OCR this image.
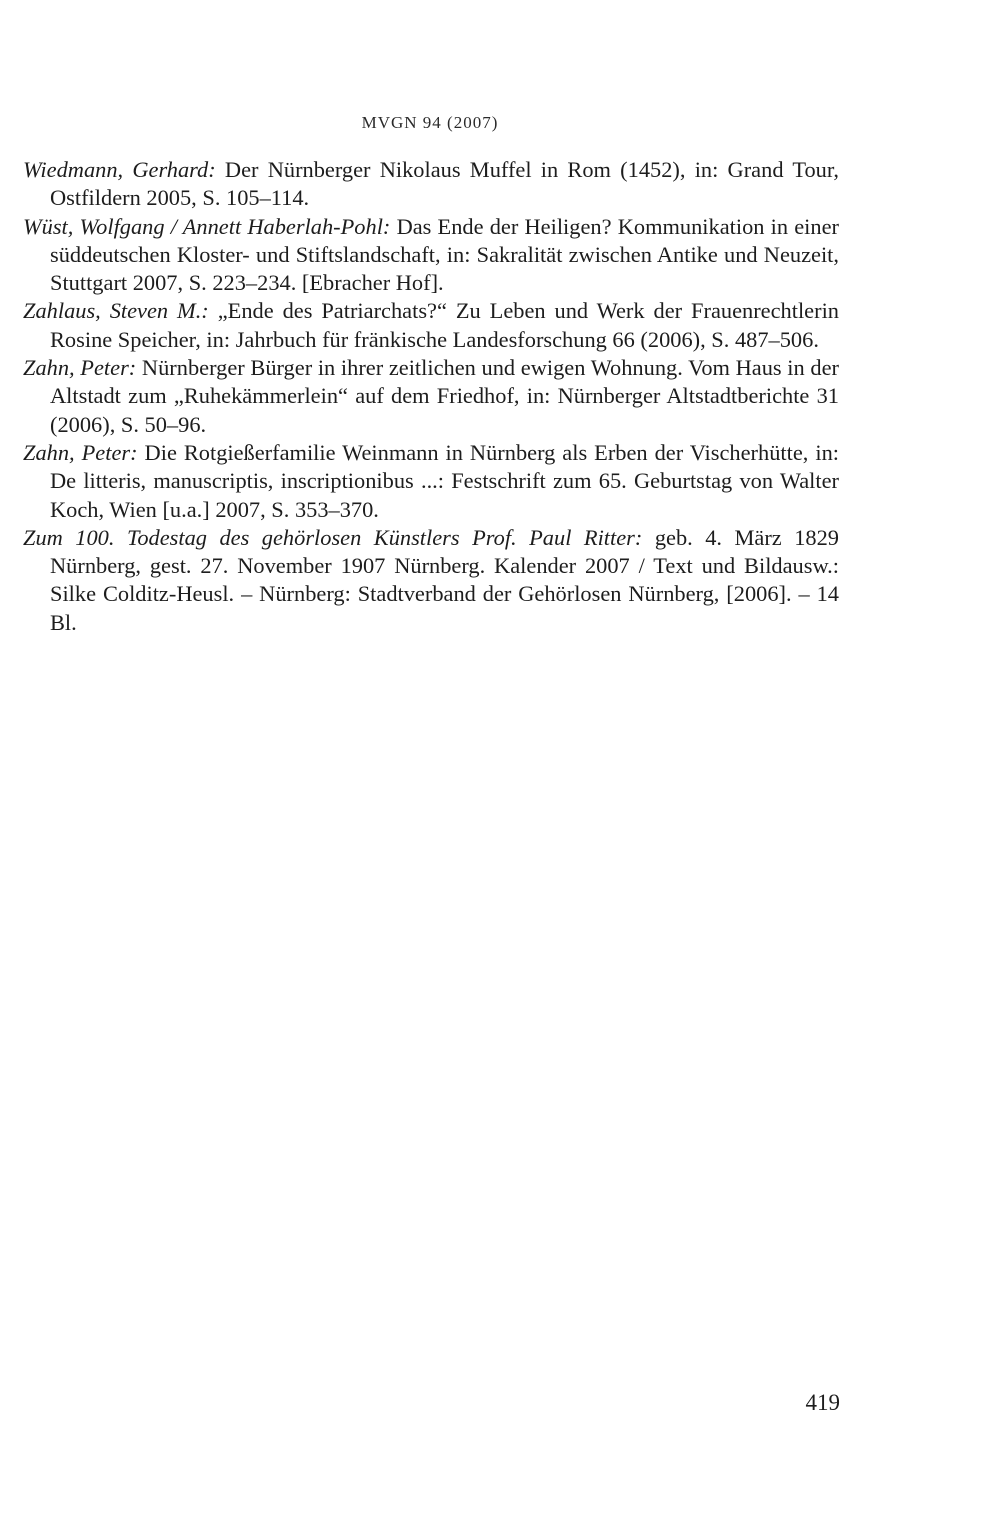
MVGN 94 (2007)
Wiedmann, Gerhard: Der Nürnberger Nikolaus Muffel in Rom (1452), in: Grand Tour, Ostfildern 2005, S. 105–114.
Wüst, Wolfgang / Annett Haberlah-Pohl: Das Ende der Heiligen? Kommunikation in einer süddeutschen Kloster- und Stiftslandschaft, in: Sakralität zwischen Antike und Neuzeit, Stuttgart 2007, S. 223–234. [Ebracher Hof].
Zahlaus, Steven M.: „Ende des Patriarchats?“ Zu Leben und Werk der Frauenrechtlerin Rosine Speicher, in: Jahrbuch für fränkische Landesforschung 66 (2006), S. 487–506.
Zahn, Peter: Nürnberger Bürger in ihrer zeitlichen und ewigen Wohnung. Vom Haus in der Altstadt zum „Ruhekämmerlein“ auf dem Friedhof, in: Nürnberger Altstadtberichte 31 (2006), S. 50–96.
Zahn, Peter: Die Rotgießerfamilie Weinmann in Nürnberg als Erben der Vischerhütte, in: De litteris, manuscriptis, inscriptionibus ...: Festschrift zum 65. Geburtstag von Walter Koch, Wien [u.a.] 2007, S. 353–370.
Zum 100. Todestag des gehörlosen Künstlers Prof. Paul Ritter: geb. 4. März 1829 Nürnberg, gest. 27. November 1907 Nürnberg. Kalender 2007 / Text und Bildausw.: Silke Colditz-Heusl. – Nürnberg: Stadtverband der Gehörlosen Nürnberg, [2006]. – 14 Bl.
419
